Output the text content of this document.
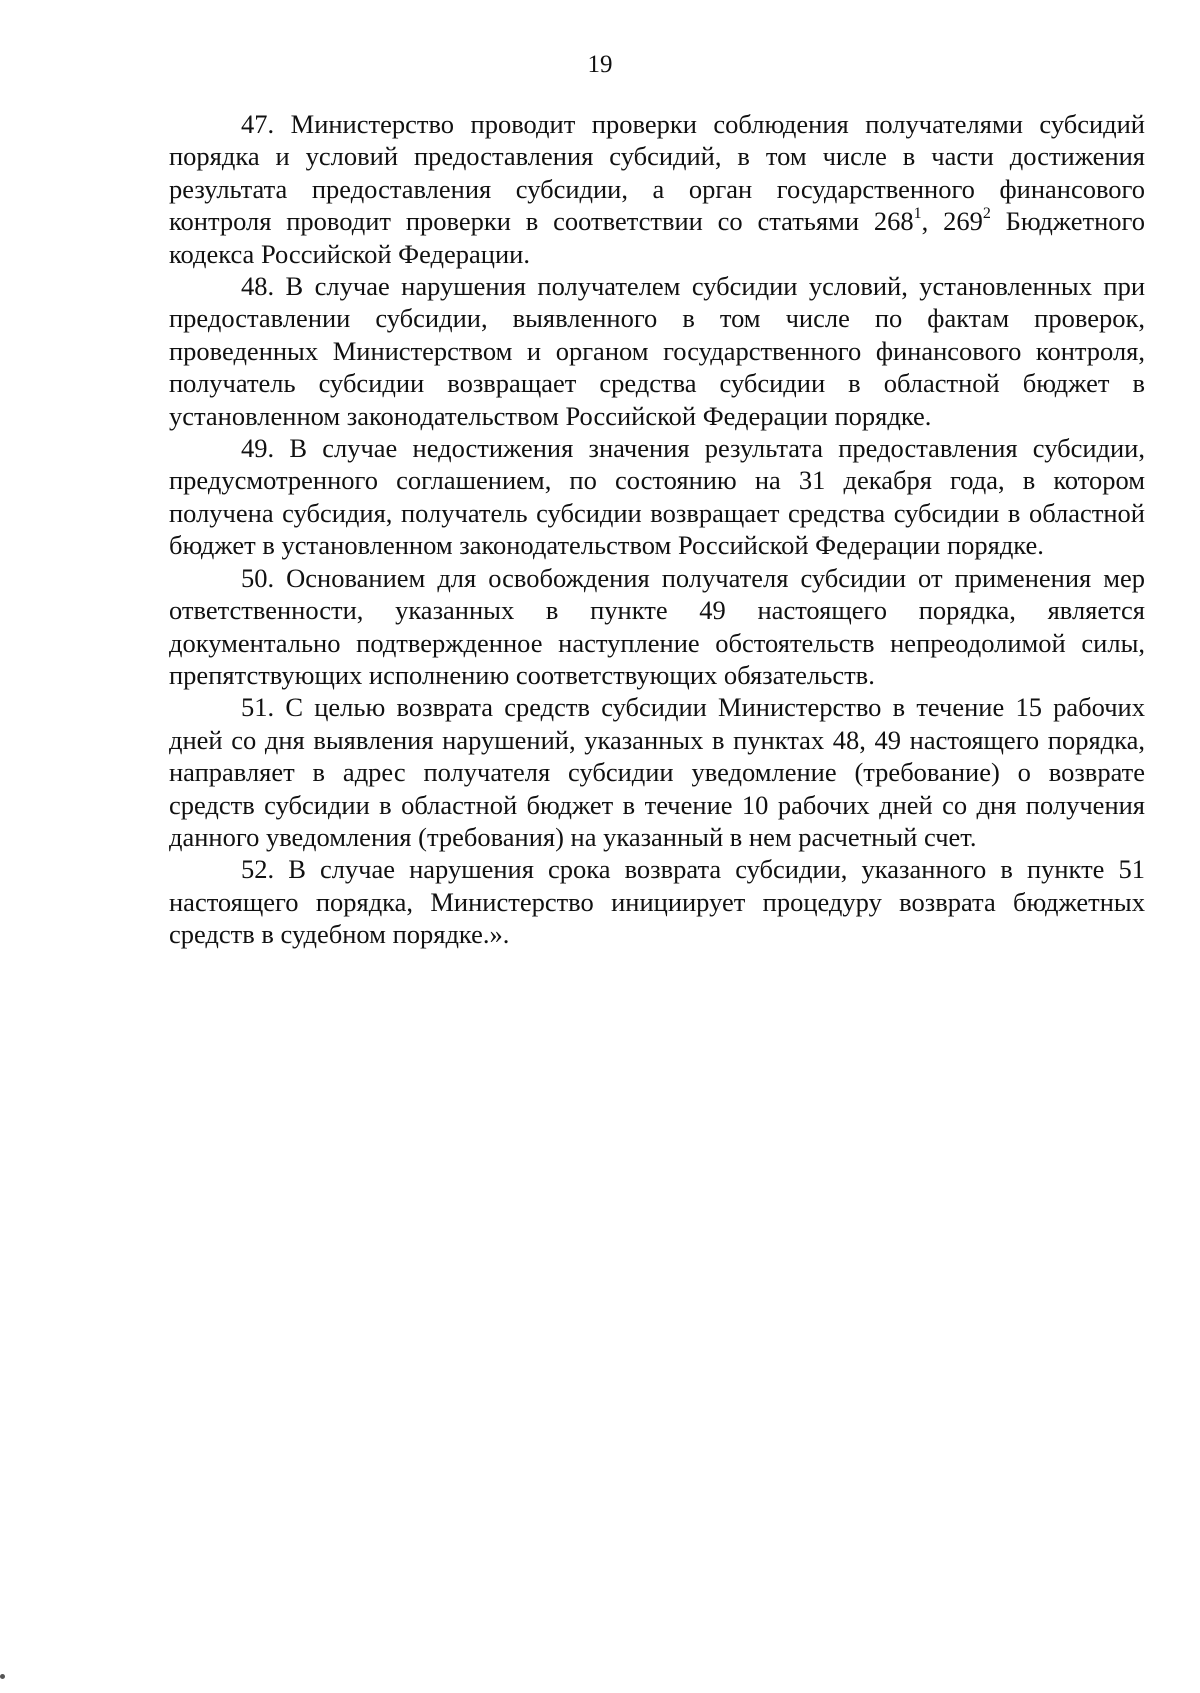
19

47. Министерство проводит проверки соблюдения получателями субсидий порядка и условий предоставления субсидий, в том числе в части достижения результата предоставления субсидии, а орган государственного финансового контроля проводит проверки в соответствии со статьями $268^1$, $269^2$ Бюджетного кодекса Российской Федерации.

48. В случае нарушения получателем субсидии условий, установленных при предоставлении субсидии, выявленного в том числе по фактам проверок, проведенных Министерством и органом государственного финансового контроля, получатель субсидии возвращает средства субсидии в областной бюджет в установленном законодательством Российской Федерации порядке.

49. В случае недостижения значения результата предоставления субсидии, предусмотренного соглашением, по состоянию на 31 декабря года, в котором получена субсидия, получатель субсидии возвращает средства субсидии в областной бюджет в установленном законодательством Российской Федерации порядке.

50. Основанием для освобождения получателя субсидии от применения мер ответственности, указанных в пункте 49 настоящего порядка, является документально подтвержденное наступление обстоятельств непреодолимой силы, препятствующих исполнению соответствующих обязательств.

51. С целью возврата средств субсидии Министерство в течение 15 рабочих дней со дня выявления нарушений, указанных в пунктах 48, 49 настоящего порядка, направляет в адрес получателя субсидии уведомление (требование) о возврате средств субсидии в областной бюджет в течение 10 рабочих дней со дня получения данного уведомления (требования) на указанный в нем расчетный счет.

52. В случае нарушения срока возврата субсидии, указанного в пункте 51 настоящего порядка, Министерство инициирует процедуру возврата бюджетных средств в судебном порядке.».
